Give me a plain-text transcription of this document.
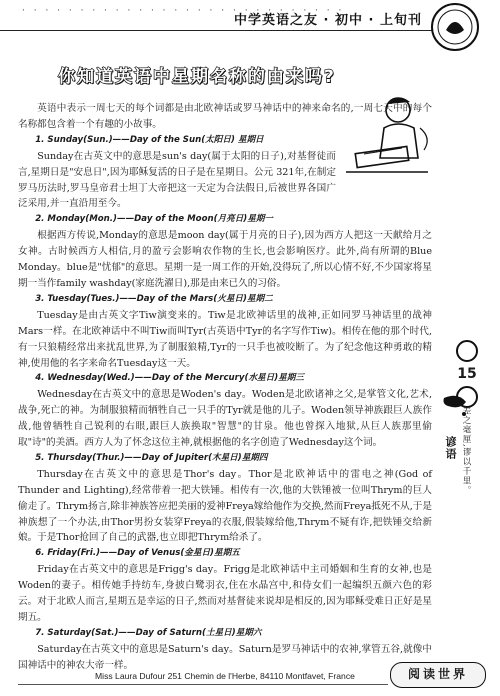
· · · · · · · · · · · · · · · · · · · · · · · · · · · ·
中学英语之友 · 初中 · 上旬刊
你知道英语中星期名称的由来吗?

英语中表示一周七天的每个词都是由北欧神话或罗马神话中的神来命名的,一周七天中的每个名称都包含着一个有趣的小故事。

1. Sunday(Sun.)——Day of the Sun(太阳日) 星期日

Sunday在古英文中的意思是sun's day(属于太阳的日子),对基督徒而言,星期日是"安息日",因为耶稣复活的日子是在星期日。公元 321年,在制定罗马历法时,罗马皇帝君士坦丁大帝把这一天定为合法假日,后被世界各国广泛采用,并一直沿用至今。

2. Monday(Mon.)——Day of the Moon(月亮日)星期一

根据西方传说,Monday的意思是moon day(属于月亮的日子),因为西方人把这一天献给月之女神。古时候西方人相信,月的盈亏会影响农作物的生长,也会影响医疗。此外,尚有所谓的Blue Monday。blue是"忧郁"的意思。星期一是一周工作的开始,没得玩了,所以心情不好,不少国家将星期一当作family washday(家庭洗濯日),那是由来已久的习俗。

3. Tuesday(Tues.)——Day of the Mars(火星日)星期二

Tuesday是由古英文字Tiw演变来的。Tiw是北欧神话里的战神,正如同罗马神话里的战神Mars一样。在北欧神话中不叫Tiw而叫Tyr(古英语中Tyr的名字写作Tiw)。相传在他的那个时代,有一只狼精经常出来扰乱世界,为了制服狼精,Tyr的一只手也被咬断了。为了纪念他这种勇敢的精神,使用他的名字来命名Tuesday这一天。

4. Wednesday(Wed.)——Day of the Mercury(水星日)星期三

Wednesday在古英文中的意思是Woden's day。Woden是北欧诸神之父,是掌管文化,艺术,战争,死亡的神。为制服狼精而牺牲自己一只手的Tyr就是他的儿子。Woden领导神族跟巨人族作战,他曾牺牲自己锐利的右眼,跟巨人族换取"智慧"的甘泉。他也曾探入地狱,从巨人族那里偷取"诗"的美酒。西方人为了怀念这位主神,就根据他的名字创造了Wednesday这个词。

5. Thursday(Thur.)——Day of Jupiter(木星日)星期四

Thursday在古英文中的意思是Thor's day。Thor是北欧神话中的雷电之神(God of Thunder and Lighting),经常带着一把大铁锤。相传有一次,他的大铁锤被一位叫Thrym的巨人偷走了。Thrym扬言,除非神族答应把美丽的爱神Freya嫁给他作为交换,然而Freya抵死不从,于是神族想了一个办法,由Thor男扮女装穿Freya的衣服,假装嫁给他,Thrym不疑有诈,把铁锤交给新娘。于是Thor抢回了自己的武器,也立即把Thrym给杀了。

6. Friday(Fri.)——Day of Venus(金星日)星期五

Friday在古英文中的意思是Frigg's day。Frigg是北欧神话中主司婚姻和生育的女神,也是Woden的妻子。相传她手持纺车,身披白鹭羽衣,住在水晶宫中,和侍女们一起编织五颜六色的彩云。对于北欧人而言,星期五是幸运的日子,然而对基督徒来说却是相反的,因为耶稣受难日正好是星期五。

7. Saturday(Sat.)——Day of Saturn(土星日)星期六

Saturday在古英文中的意思是Saturn's day。Saturn是罗马神话中的农神,掌管五谷,就像中国神话中的神农大帝一样。

15
谚语 差之毫厘,谬以千里。
Miss Laura Dufour 251 Chemin de l'Herbe, 84110 Montfavet, France	阅读世界
